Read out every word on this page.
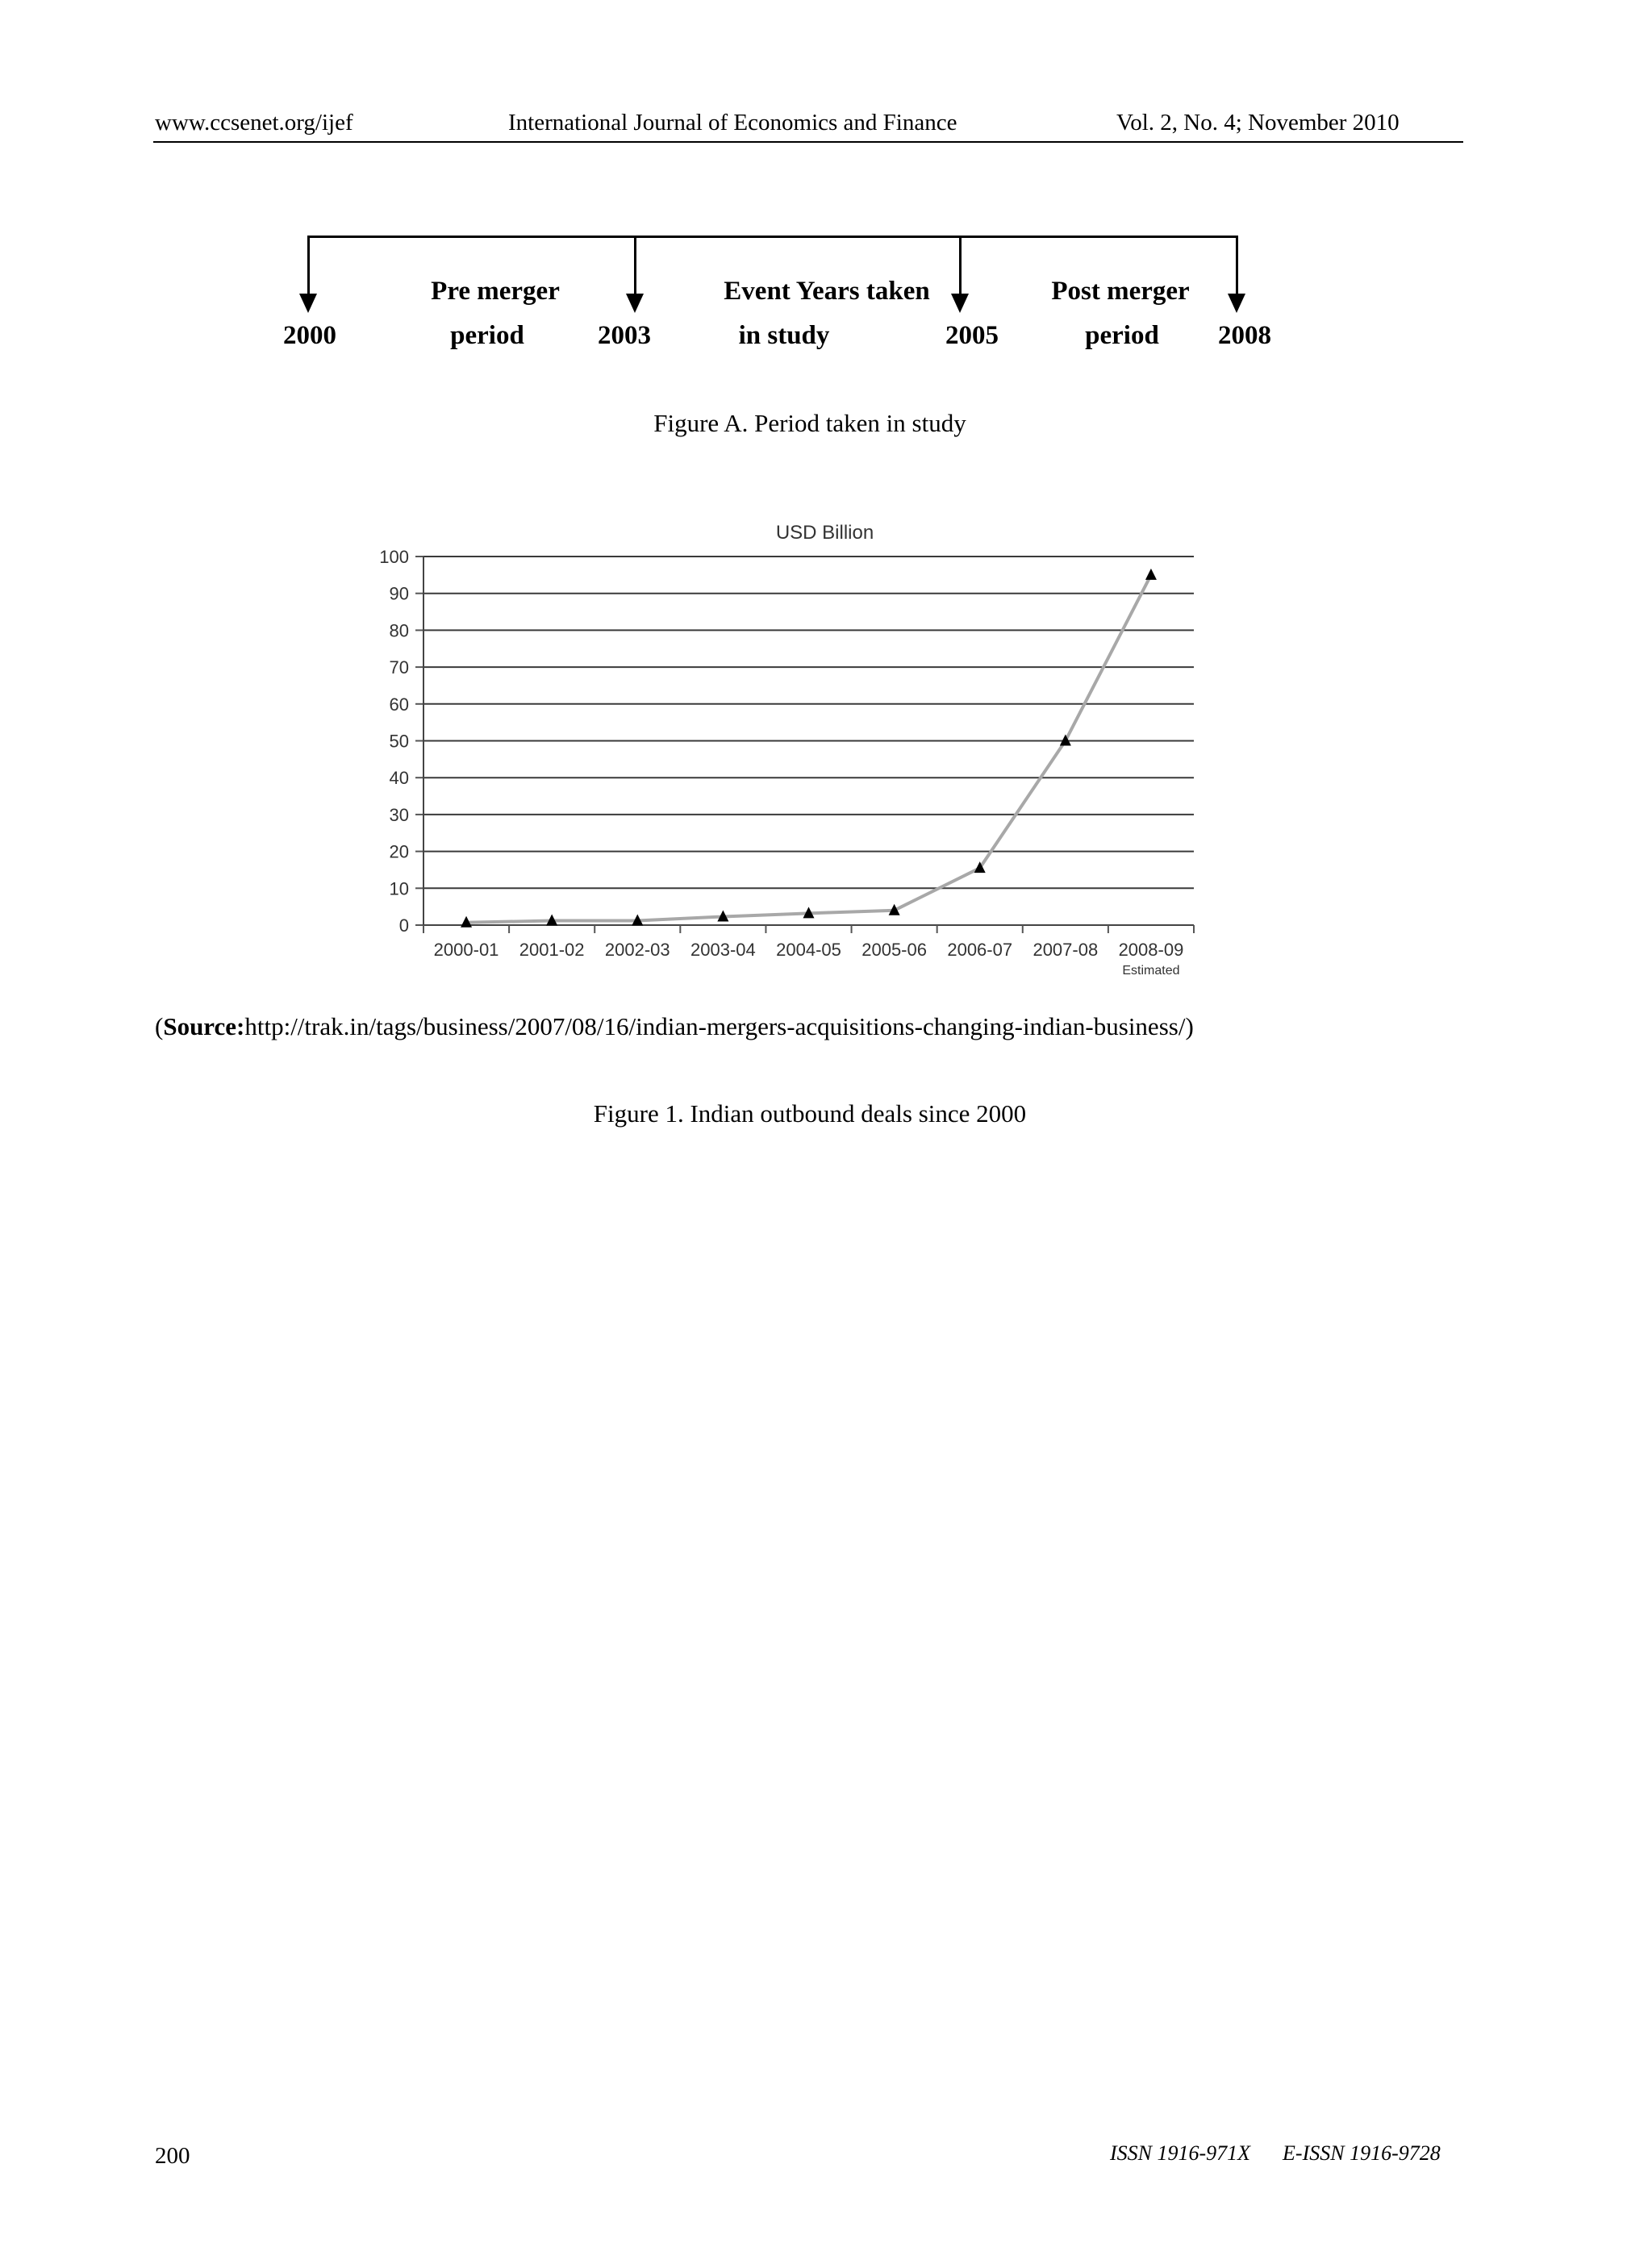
www.ccsenet.org/ijef	International Journal of Economics and Finance	Vol. 2, No. 4; November 2010
2000	2003	2005	2008
Pre merger
period
Event Years taken
in study
Post merger
period
Figure A. Period taken in study
0
10
20
30
40
50
60
70
80
90
100
2000-01 2001-02 2002-03 2003-04 2004-05 2005-06 2006-07 2007-08 2008-09
Estimated
USD Billion
(Source:http://trak.in/tags/business/2007/08/16/indian-mergers-acquisitions-changing-indian-business/)
Figure 1. Indian outbound deals since 2000
200	ISSN 1916-971X E-ISSN 1916-9728
